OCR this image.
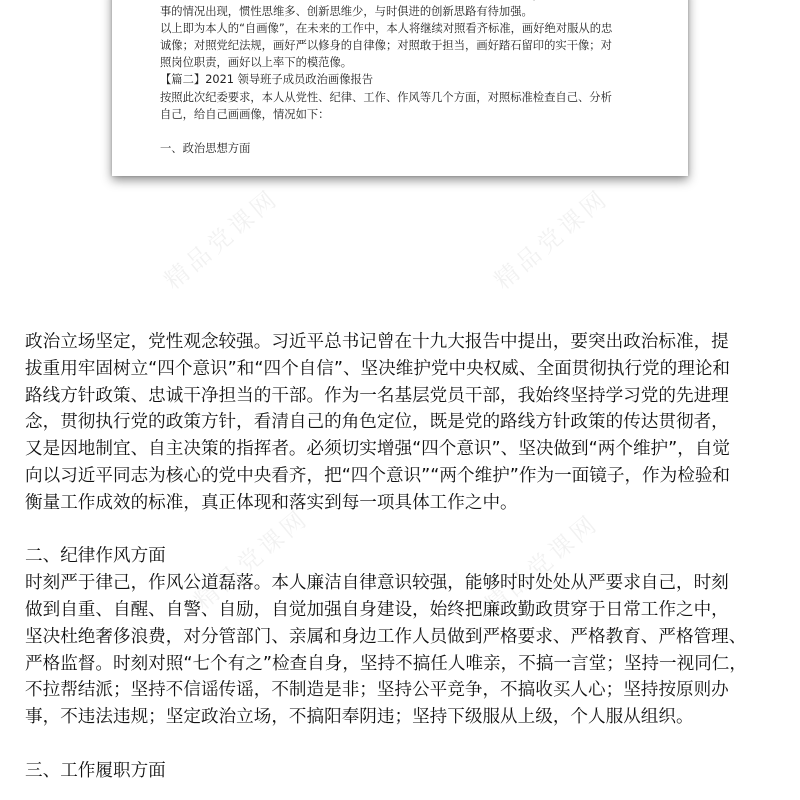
精品党课网	精品党课网
精品党课网	精品党课网
事的情况出现，惯性思维多、创新思维少，与时俱进的创新思路有待加强。
以上即为本人的“自画像”，在未来的工作中，本人将继续对照看齐标准，画好绝对服从的忠
诚像；对照党纪法规，画好严以修身的自律像；对照敢于担当，画好踏石留印的实干像；对
照岗位职责，画好以上率下的模范像。
【篇二】2021 领导班子成员政治画像报告
按照此次纪委要求，本人从党性、纪律、工作、作风等几个方面，对照标准检查自己、分析
自己，给自己画画像，情况如下：
一、政治思想方面
政治立场坚定，党性观念较强。习近平总书记曾在十九大报告中提出，要突出政治标准，提
拔重用牢固树立“四个意识”和“四个自信”、坚决维护党中央权威、全面贯彻执行党的理论和
路线方针政策、忠诚干净担当的干部。作为一名基层党员干部，我始终坚持学习党的先进理
念，贯彻执行党的政策方针，看清自己的角色定位，既是党的路线方针政策的传达贯彻者，
又是因地制宜、自主决策的指挥者。必须切实增强“四个意识”、坚决做到“两个维护”，自觉
向以习近平同志为核心的党中央看齐，把“四个意识”“两个维护”作为一面镜子，作为检验和
衡量工作成效的标准，真正体现和落实到每一项具体工作之中。
二、纪律作风方面
时刻严于律己，作风公道磊落。本人廉洁自律意识较强，能够时时处处从严要求自己，时刻
做到自重、自醒、自警、自励，自觉加强自身建设，始终把廉政勤政贯穿于日常工作之中，
坚决杜绝奢侈浪费，对分管部门、亲属和身边工作人员做到严格要求、严格教育、严格管理、
严格监督。时刻对照“七个有之”检查自身，坚持不搞任人唯亲，不搞一言堂；坚持一视同仁，
不拉帮结派；坚持不信谣传谣，不制造是非；坚持公平竞争，不搞收买人心；坚持按原则办
事，不违法违规；坚定政治立场，不搞阳奉阴违；坚持下级服从上级，个人服从组织。
三、工作履职方面
